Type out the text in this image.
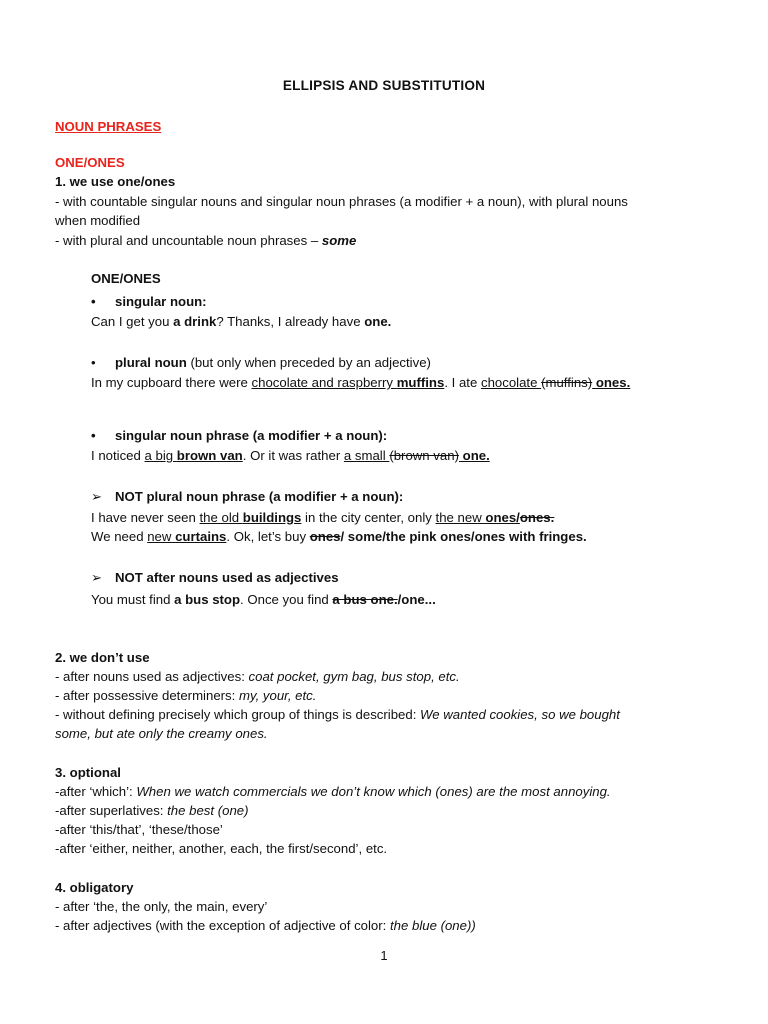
ELLIPSIS AND SUBSTITUTION
NOUN PHRASES
ONE/ONES
1. we use one/ones
- with countable singular nouns and singular noun phrases (a modifier + a noun), with plural nouns
when modified
- with plural and uncountable noun phrases – some
ONE/ONES
• singular noun:
Can I get you a drink? Thanks, I already have one.
• plural noun (but only when preceded by an adjective)
In my cupboard there were chocolate and raspberry muffins. I ate chocolate (muffins) ones.
• singular noun phrase (a modifier + a noun):
I noticed a big brown van. Or it was rather a small (brown van) one.
➢ NOT plural noun phrase (a modifier + a noun):
I have never seen the old buildings in the city center, only the new ones/ones.
We need new curtains. Ok, let’s buy ones/ some/the pink ones/ones with fringes.
➢ NOT after nouns used as adjectives
You must find a bus stop. Once you find a bus one./one...
2. we don’t use
- after nouns used as adjectives: coat pocket, gym bag, bus stop, etc.
- after possessive determiners: my, your, etc.
- without defining precisely which group of things is described: We wanted cookies, so we bought
some, but ate only the creamy ones.
3. optional
-after ‘which’: When we watch commercials we don’t know which (ones) are the most annoying.
-after superlatives: the best (one)
-after ‘this/that’, ‘these/those’
-after ‘either, neither, another, each, the first/second’, etc.
4. obligatory
- after ‘the, the only, the main, every’
- after adjectives (with the exception of adjective of color: the blue (one))
1
